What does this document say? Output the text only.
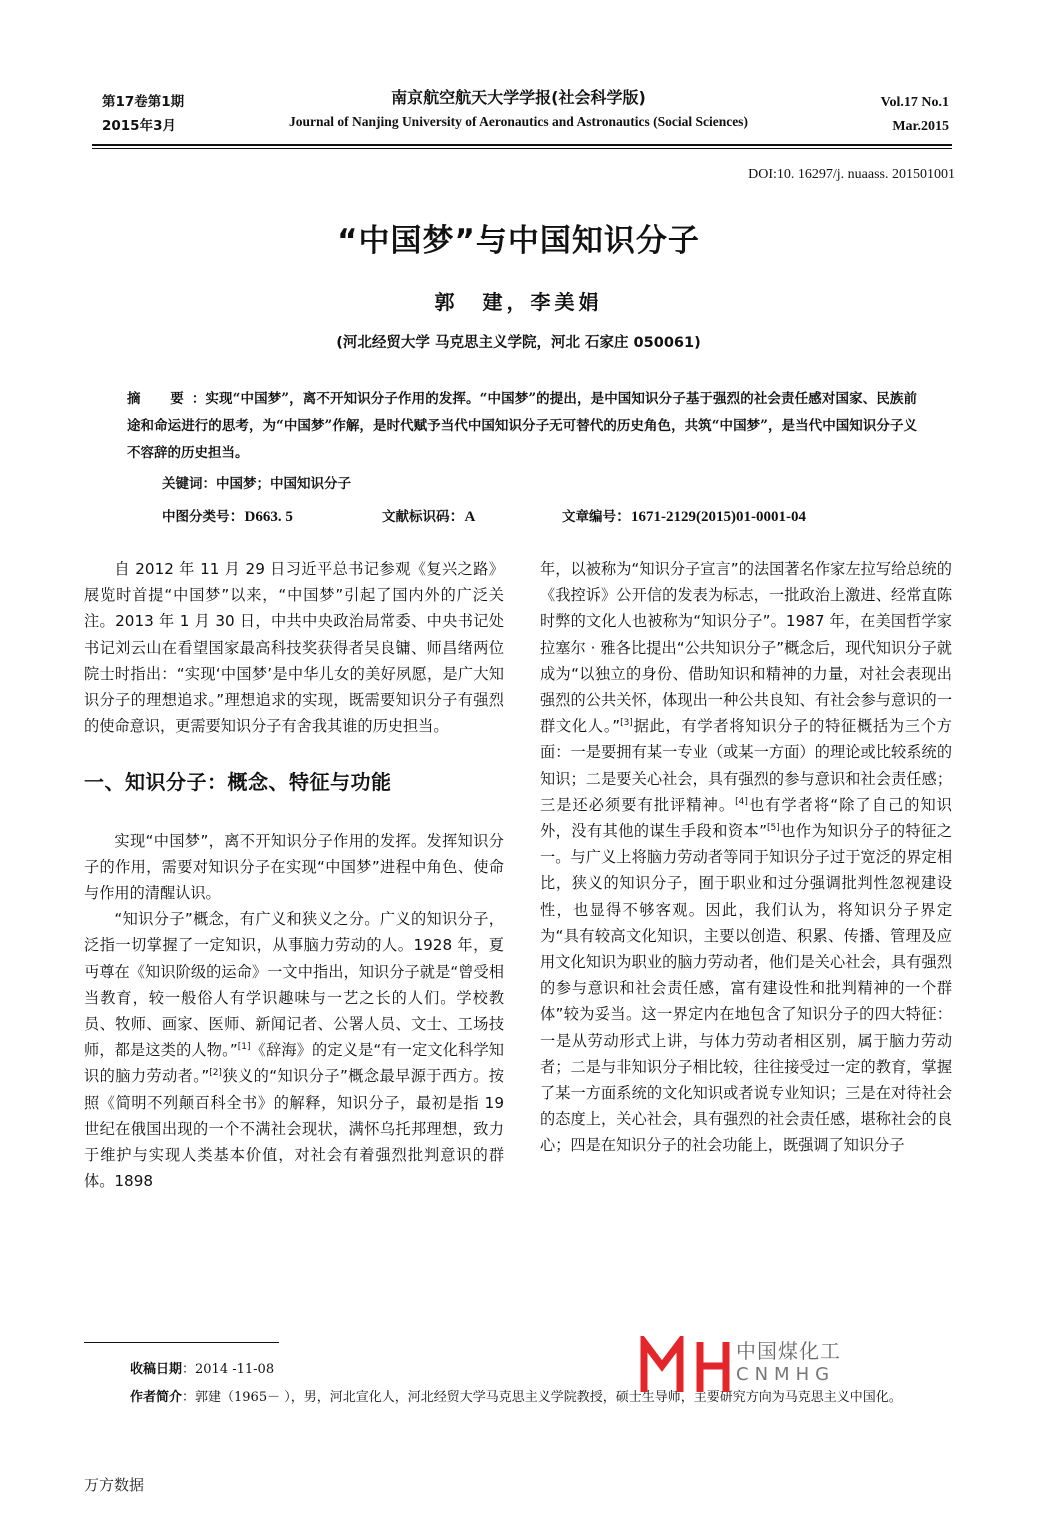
第17卷第1期
2015年3月
南京航空航天大学学报(社会科学版)
Journal of Nanjing University of Aeronautics and Astronautics (Social Sciences)
Vol.17 No.1
Mar.2015
DOI:10. 16297/j. nuaass. 201501001
“中国梦”与中国知识分子
郭　建，李美娟
(河北经贸大学 马克思主义学院，河北 石家庄 050061)
摘　要：实现“中国梦”，离不开知识分子作用的发挥。“中国梦”的提出，是中国知识分子基于强烈的社会责任感对国家、民族前途和命运进行的思考，为“中国梦”作解，是时代赋予当代中国知识分子无可替代的历史角色，共筑“中国梦”，是当代中国知识分子义不容辞的历史担当。
关键词：中国梦；中国知识分子
中图分类号：D663. 5	文献标识码：A	文章编号：1671-2129(2015)01-0001-04

自 2012 年 11 月 29 日习近平总书记参观《复兴之路》展览时首提“中国梦”以来，“中国梦”引起了国内外的广泛关注。2013 年 1 月 30 日，中共中央政治局常委、中央书记处书记刘云山在看望国家最高科技奖获得者吴良镛、师昌绪两位院士时指出：“实现‘中国梦’是中华儿女的美好夙愿，是广大知识分子的理想追求。”理想追求的实现，既需要知识分子有强烈的使命意识，更需要知识分子有舍我其谁的历史担当。

一、知识分子：概念、特征与功能

实现“中国梦”，离不开知识分子作用的发挥。发挥知识分子的作用，需要对知识分子在实现“中国梦”进程中角色、使命与作用的清醒认识。

“知识分子”概念，有广义和狭义之分。广义的知识分子，泛指一切掌握了一定知识，从事脑力劳动的人。1928 年，夏丏尊在《知识阶级的运命》一文中指出，知识分子就是“曾受相当教育，较一般俗人有学识趣味与一艺之长的人们。学校教员、牧师、画家、医师、新闻记者、公署人员、文士、工场技师，都是这类的人物。”[1]《辞海》的定义是“有一定文化科学知识的脑力劳动者。”[2]狭义的“知识分子”概念最早源于西方。按照《简明不列颠百科全书》的解释，知识分子，最初是指 19 世纪在俄国出现的一个不满社会现状，满怀乌托邦理想，致力于维护与实现人类基本价值，对社会有着强烈批判意识的群体。1898

年，以被称为“知识分子宣言”的法国著名作家左拉写给总统的《我控诉》公开信的发表为标志，一批政治上激进、经常直陈时弊的文化人也被称为“知识分子”。1987 年，在美国哲学家拉塞尔 · 雅各比提出“公共知识分子”概念后，现代知识分子就成为“以独立的身份、借助知识和精神的力量，对社会表现出强烈的公共关怀，体现出一种公共良知、有社会参与意识的一群文化人。”[3]据此，有学者将知识分子的特征概括为三个方面：一是要拥有某一专业（或某一方面）的理论或比较系统的知识；二是要关心社会，具有强烈的参与意识和社会责任感；三是还必须要有批评精神。[4]也有学者将“除了自己的知识外，没有其他的谋生手段和资本”[5]也作为知识分子的特征之一。与广义上将脑力劳动者等同于知识分子过于宽泛的界定相比，狭义的知识分子，囿于职业和过分强调批判性忽视建设性，也显得不够客观。因此，我们认为，将知识分子界定为“具有较高文化知识，主要以创造、积累、传播、管理及应用文化知识为职业的脑力劳动者，他们是关心社会，具有强烈的参与意识和社会责任感，富有建设性和批判精神的一个群体”较为妥当。这一界定内在地包含了知识分子的四大特征：一是从劳动形式上讲，与体力劳动者相区别，属于脑力劳动者；二是与非知识分子相比较，往往接受过一定的教育，掌握了某一方面系统的文化知识或者说专业知识；三是在对待社会的态度上，关心社会，具有强烈的社会责任感，堪称社会的良心；四是在知识分子的社会功能上，既强调了知识分子

收稿日期：2014 -11-08
作者简介：郭建（1965－ ），男，河北宣化人，河北经贸大学马克思主义学院教授，硕士生导师，主要研究方向为马克思主义中国化。
中国煤化工
CNMHG
万方数据
